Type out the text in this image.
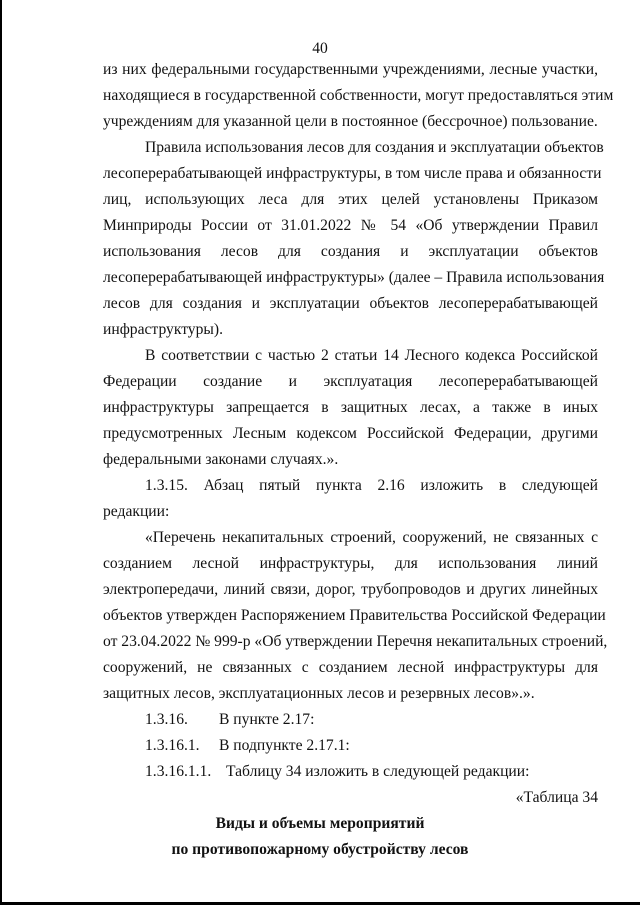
40
из них федеральными государственными учреждениями, лесные участки,
находящиеся в государственной собственности, могут предоставляться этим
учреждениям для указанной цели в постоянное (бессрочное) пользование.
Правила использования лесов для создания и эксплуатации объектов
лесоперерабатывающей инфраструктуры, в том числе права и обязанности
лиц, использующих леса для этих целей установлены Приказом
Минприроды России от 31.01.2022 № 54 «Об утверждении Правил
использования лесов для создания и эксплуатации объектов
лесоперерабатывающей инфраструктуры» (далее – Правила использования
лесов для создания и эксплуатации объектов лесоперерабатывающей
инфраструктуры).
В соответствии с частью 2 статьи 14 Лесного кодекса Российской
Федерации создание и эксплуатация лесоперерабатывающей
инфраструктуры запрещается в защитных лесах, а также в иных
предусмотренных Лесным кодексом Российской Федерации, другими
федеральными законами случаях.».
1.3.15. Абзац пятый пункта 2.16 изложить в следующей
редакции:
«Перечень некапитальных строений, сооружений, не связанных с
созданием лесной инфраструктуры, для использования линий
электропередачи, линий связи, дорог, трубопроводов и других линейных
объектов утвержден Распоряжением Правительства Российской Федерации
от 23.04.2022 № 999-р «Об утверждении Перечня некапитальных строений,
сооружений, не связанных с созданием лесной инфраструктуры для
защитных лесов, эксплуатационных лесов и резервных лесов».».
1.3.16. В пункте 2.17:
1.3.16.1. В подпункте 2.17.1:
1.3.16.1.1. Таблицу 34 изложить в следующей редакции:
«Таблица 34
Виды и объемы мероприятий
по противопожарному обустройству лесов
